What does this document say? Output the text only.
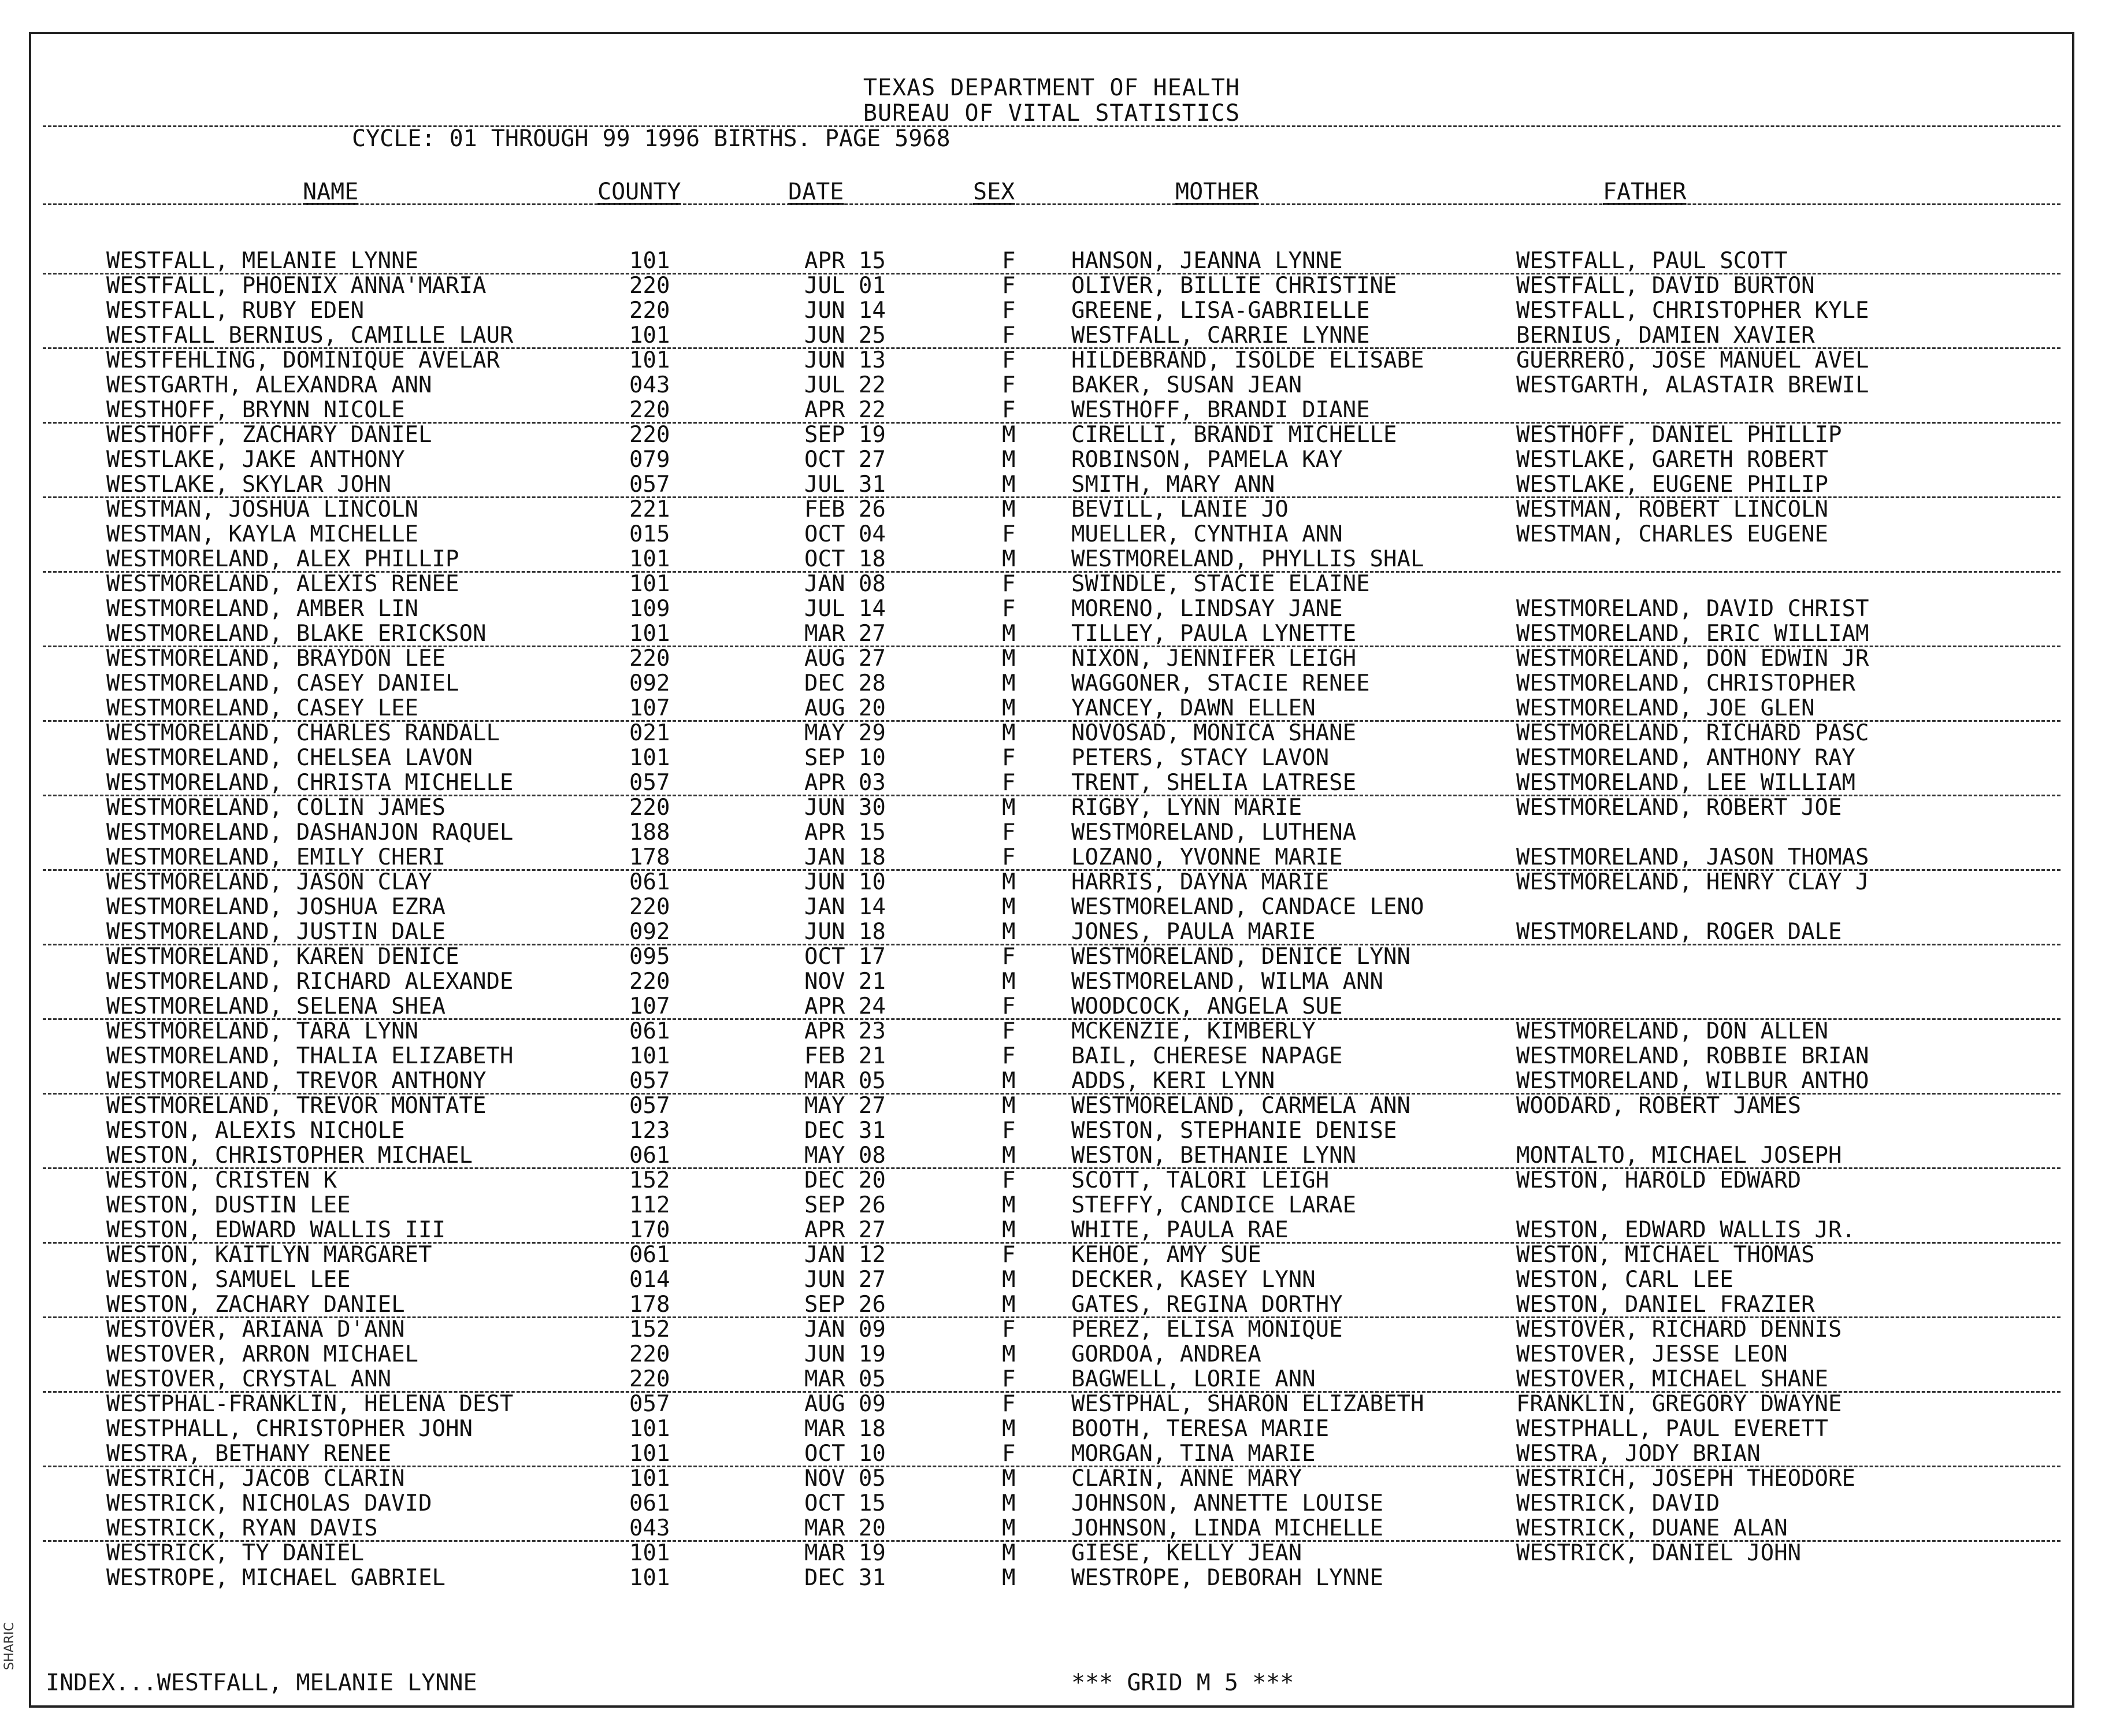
SHARIC
TEXAS DEPARTMENT OF HEALTH
BUREAU OF VITAL STATISTICS
CYCLE: 01 THROUGH 99 1996 BIRTHS. PAGE 5968
NAME	COUNTY	DATE	SEX	MOTHER	FATHER
WESTFALL, MELANIE LYNNE	101	APR 15	F HANSON, JEANNA LYNNE	WESTFALL, PAUL SCOTT
WESTFALL, PHOENIX ANNA'MARIA	220	JUL 01	F OLIVER, BILLIE CHRISTINE	WESTFALL, DAVID BURTON
WESTFALL, RUBY EDEN	220	JUN 14	F GREENE, LISA-GABRIELLE	WESTFALL, CHRISTOPHER KYLE
WESTFALL BERNIUS, CAMILLE LAUR	101	JUN 25	F WESTFALL, CARRIE LYNNE	BERNIUS, DAMIEN XAVIER
WESTFEHLING, DOMINIQUE AVELAR	101	JUN 13	F HILDEBRAND, ISOLDE ELISABE	GUERRERO, JOSE MANUEL AVEL
WESTGARTH, ALEXANDRA ANN	043	JUL 22	F BAKER, SUSAN JEAN	WESTGARTH, ALASTAIR BREWIL
WESTHOFF, BRYNN NICOLE	220	APR 22	F WESTHOFF, BRANDI DIANE
WESTHOFF, ZACHARY DANIEL	220	SEP 19	M CIRELLI, BRANDI MICHELLE	WESTHOFF, DANIEL PHILLIP
WESTLAKE, JAKE ANTHONY	079	OCT 27	M ROBINSON, PAMELA KAY	WESTLAKE, GARETH ROBERT
WESTLAKE, SKYLAR JOHN	057	JUL 31	M SMITH, MARY ANN	WESTLAKE, EUGENE PHILIP
WESTMAN, JOSHUA LINCOLN	221	FEB 26	M BEVILL, LANIE JO	WESTMAN, ROBERT LINCOLN
WESTMAN, KAYLA MICHELLE	015	OCT 04	F MUELLER, CYNTHIA ANN	WESTMAN, CHARLES EUGENE
WESTMORELAND, ALEX PHILLIP	101	OCT 18	M WESTMORELAND, PHYLLIS SHAL
WESTMORELAND, ALEXIS RENEE	101	JAN 08	F SWINDLE, STACIE ELAINE
WESTMORELAND, AMBER LIN	109	JUL 14	F MORENO, LINDSAY JANE	WESTMORELAND, DAVID CHRIST
WESTMORELAND, BLAKE ERICKSON	101	MAR 27	M TILLEY, PAULA LYNETTE	WESTMORELAND, ERIC WILLIAM
WESTMORELAND, BRAYDON LEE	220	AUG 27	M NIXON, JENNIFER LEIGH	WESTMORELAND, DON EDWIN JR
WESTMORELAND, CASEY DANIEL	092	DEC 28	M WAGGONER, STACIE RENEE	WESTMORELAND, CHRISTOPHER
WESTMORELAND, CASEY LEE	107	AUG 20	M YANCEY, DAWN ELLEN	WESTMORELAND, JOE GLEN
WESTMORELAND, CHARLES RANDALL	021	MAY 29	M NOVOSAD, MONICA SHANE	WESTMORELAND, RICHARD PASC
WESTMORELAND, CHELSEA LAVON	101	SEP 10	F PETERS, STACY LAVON	WESTMORELAND, ANTHONY RAY
WESTMORELAND, CHRISTA MICHELLE	057	APR 03	F TRENT, SHELIA LATRESE	WESTMORELAND, LEE WILLIAM
WESTMORELAND, COLIN JAMES	220	JUN 30	M RIGBY, LYNN MARIE	WESTMORELAND, ROBERT JOE
WESTMORELAND, DASHANJON RAQUEL	188	APR 15	F WESTMORELAND, LUTHENA
WESTMORELAND, EMILY CHERI	178	JAN 18	F LOZANO, YVONNE MARIE	WESTMORELAND, JASON THOMAS
WESTMORELAND, JASON CLAY	061	JUN 10	M HARRIS, DAYNA MARIE	WESTMORELAND, HENRY CLAY J
WESTMORELAND, JOSHUA EZRA	220	JAN 14	M WESTMORELAND, CANDACE LENO
WESTMORELAND, JUSTIN DALE	092	JUN 18	M JONES, PAULA MARIE	WESTMORELAND, ROGER DALE
WESTMORELAND, KAREN DENICE	095	OCT 17	F WESTMORELAND, DENICE LYNN
WESTMORELAND, RICHARD ALEXANDE	220	NOV 21	M WESTMORELAND, WILMA ANN
WESTMORELAND, SELENA SHEA	107	APR 24	F WOODCOCK, ANGELA SUE
WESTMORELAND, TARA LYNN	061	APR 23	F MCKENZIE, KIMBERLY	WESTMORELAND, DON ALLEN
WESTMORELAND, THALIA ELIZABETH	101	FEB 21	F BAIL, CHERESE NAPAGE	WESTMORELAND, ROBBIE BRIAN
WESTMORELAND, TREVOR ANTHONY	057	MAR 05	M ADDS, KERI LYNN	WESTMORELAND, WILBUR ANTHO
WESTMORELAND, TREVOR MONTATE	057	MAY 27	M WESTMORELAND, CARMELA ANN	WOODARD, ROBERT JAMES
WESTON, ALEXIS NICHOLE	123	DEC 31	F WESTON, STEPHANIE DENISE
WESTON, CHRISTOPHER MICHAEL	061	MAY 08	M WESTON, BETHANIE LYNN	MONTALTO, MICHAEL JOSEPH
WESTON, CRISTEN K	152	DEC 20	F SCOTT, TALORI LEIGH	WESTON, HAROLD EDWARD
WESTON, DUSTIN LEE	112	SEP 26	M STEFFY, CANDICE LARAE
WESTON, EDWARD WALLIS III	170	APR 27	M WHITE, PAULA RAE	WESTON, EDWARD WALLIS JR.
WESTON, KAITLYN MARGARET	061	JAN 12	F KEHOE, AMY SUE	WESTON, MICHAEL THOMAS
WESTON, SAMUEL LEE	014	JUN 27	M DECKER, KASEY LYNN	WESTON, CARL LEE
WESTON, ZACHARY DANIEL	178	SEP 26	M GATES, REGINA DORTHY	WESTON, DANIEL FRAZIER
WESTOVER, ARIANA D'ANN	152	JAN 09	F PEREZ, ELISA MONIQUE	WESTOVER, RICHARD DENNIS
WESTOVER, ARRON MICHAEL	220	JUN 19	M GORDOA, ANDREA	WESTOVER, JESSE LEON
WESTOVER, CRYSTAL ANN	220	MAR 05	F BAGWELL, LORIE ANN	WESTOVER, MICHAEL SHANE
WESTPHAL-FRANKLIN, HELENA DEST	057	AUG 09	F WESTPHAL, SHARON ELIZABETH	FRANKLIN, GREGORY DWAYNE
WESTPHALL, CHRISTOPHER JOHN	101	MAR 18	M BOOTH, TERESA MARIE	WESTPHALL, PAUL EVERETT
WESTRA, BETHANY RENEE	101	OCT 10	F MORGAN, TINA MARIE	WESTRA, JODY BRIAN
WESTRICH, JACOB CLARIN	101	NOV 05	M CLARIN, ANNE MARY	WESTRICH, JOSEPH THEODORE
WESTRICK, NICHOLAS DAVID	061	OCT 15	M JOHNSON, ANNETTE LOUISE	WESTRICK, DAVID
WESTRICK, RYAN DAVIS	043	MAR 20	M JOHNSON, LINDA MICHELLE	WESTRICK, DUANE ALAN
WESTRICK, TY DANIEL	101	MAR 19	M GIESE, KELLY JEAN	WESTRICK, DANIEL JOHN
WESTROPE, MICHAEL GABRIEL	101	DEC 31	M WESTROPE, DEBORAH LYNNE
INDEX...WESTFALL, MELANIE LYNNE	*** GRID M 5 ***
